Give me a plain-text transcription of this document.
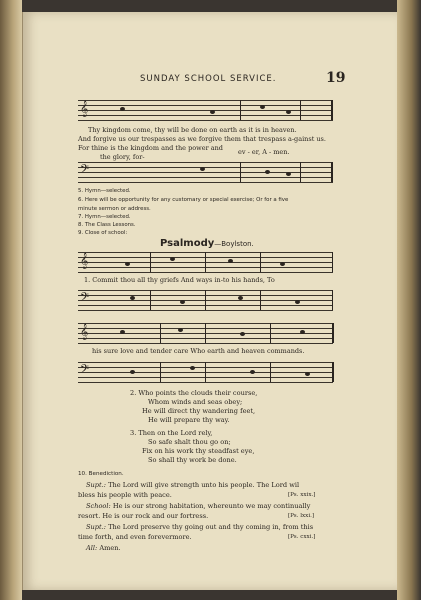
SUNDAY SCHOOL SERVICE.	19
𝄞
Thy kingdom come, thy will be done on earth as it is in heaven.
And forgive us our trespasses as we forgive them that trespass a-gainst us.
For thine is the kingdom and the power and
the glory, for-
ev - er, A - men.
𝄢
5. Hymn—selected.
6. Here will be opportunity for any customary or special exercise; Or for a five
minute sermon or address.
7. Hymn—selected.
8. The Class Lessons.
9. Close of school:
Psalmody—Boylston.
𝄞
1. Commit thou all thy griefs And ways in-to his hands, To
𝄢
𝄞
his sure love and tender care Who earth and heaven commands.
𝄢
2. Who points the clouds their course,
Whom winds and seas obey;
He will direct thy wandering feet,
He will prepare thy way.
3. Then on the Lord rely,
So safe shalt thou go on;
Fix on his work thy steadfast eye,
So shall thy work be done.
10. Benediction.
Supt.: The Lord will give strength unto his people. The Lord wil
bless his people with peace.	[Ps. xxix.]
School: He is our strong habitation, whereunto we may continually
resort. He is our rock and our fortress.	[Ps. lxxi.]
Supt.: The Lord preserve thy going out and thy coming in, from this
time forth, and even forevermore.	[Ps. cxxi.]
All: Amen.
